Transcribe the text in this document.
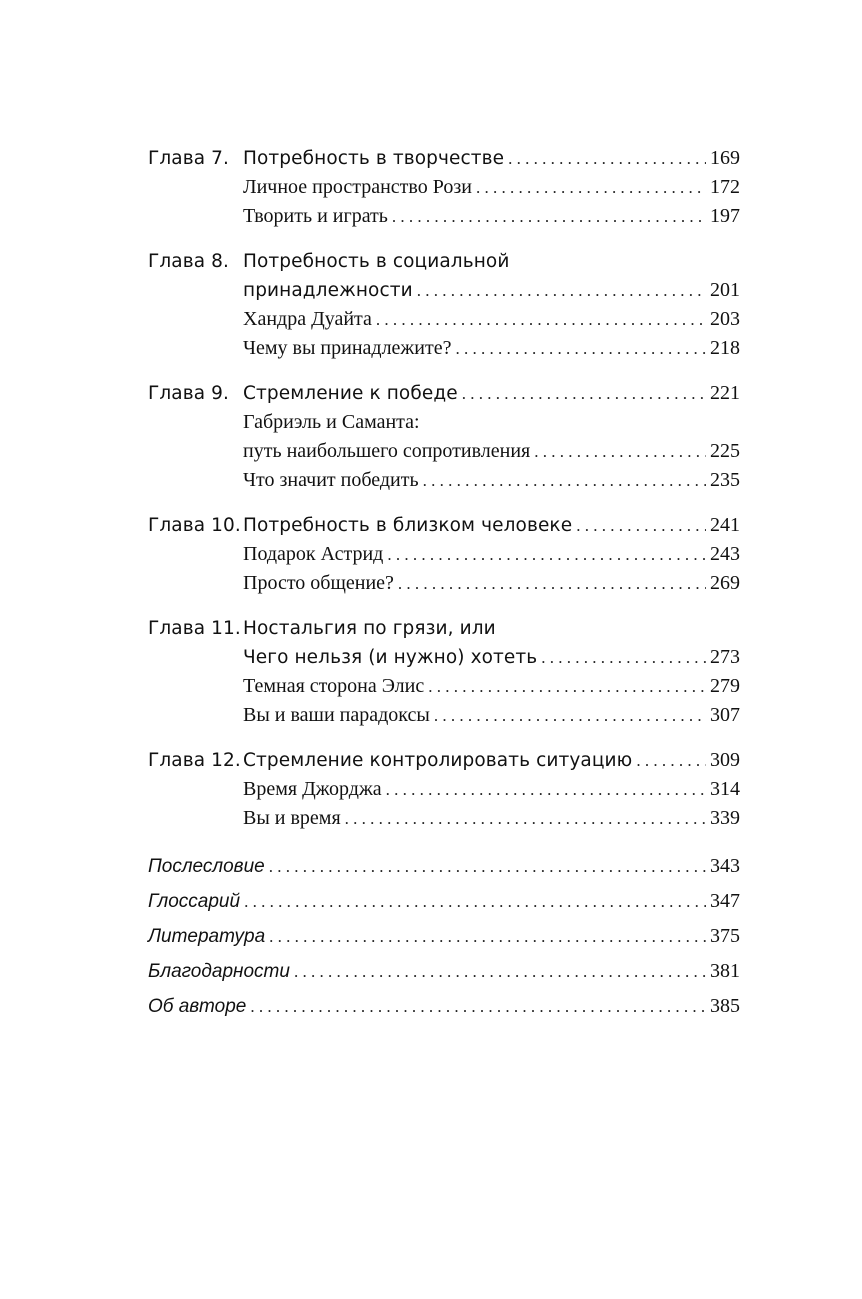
Глава 7. Потребность в творчестве . . .	169
Личное пространство Рози . . .	172
Творить и играть . . .	197
Глава 8. Потребность в социальной
принадлежности . . .	201
Хандра Дуайта . . .	203
Чему вы принадлежите? . . .	218
Глава 9. Стремление к победе . . .	221
Габриэль и Саманта:
путь наибольшего сопротивления . . .	225
Что значит победить . . .	235
Глава 10. Потребность в близком человеке . . .	241
Подарок Астрид . . .	243
Просто общение? . . .	269
Глава 11. Ностальгия по грязи, или
Чего нельзя (и нужно) хотеть . . .	273
Темная сторона Элис . . .	279
Вы и ваши парадоксы . . .	307
Глава 12. Стремление контролировать ситуацию . . .	309
Время Джорджа . . .	314
Вы и время . . .	339
Послесловие . . .	343
Глоссарий . . .	347
Литература . . .	375
Благодарности . . .	381
Об авторе . . .	385
